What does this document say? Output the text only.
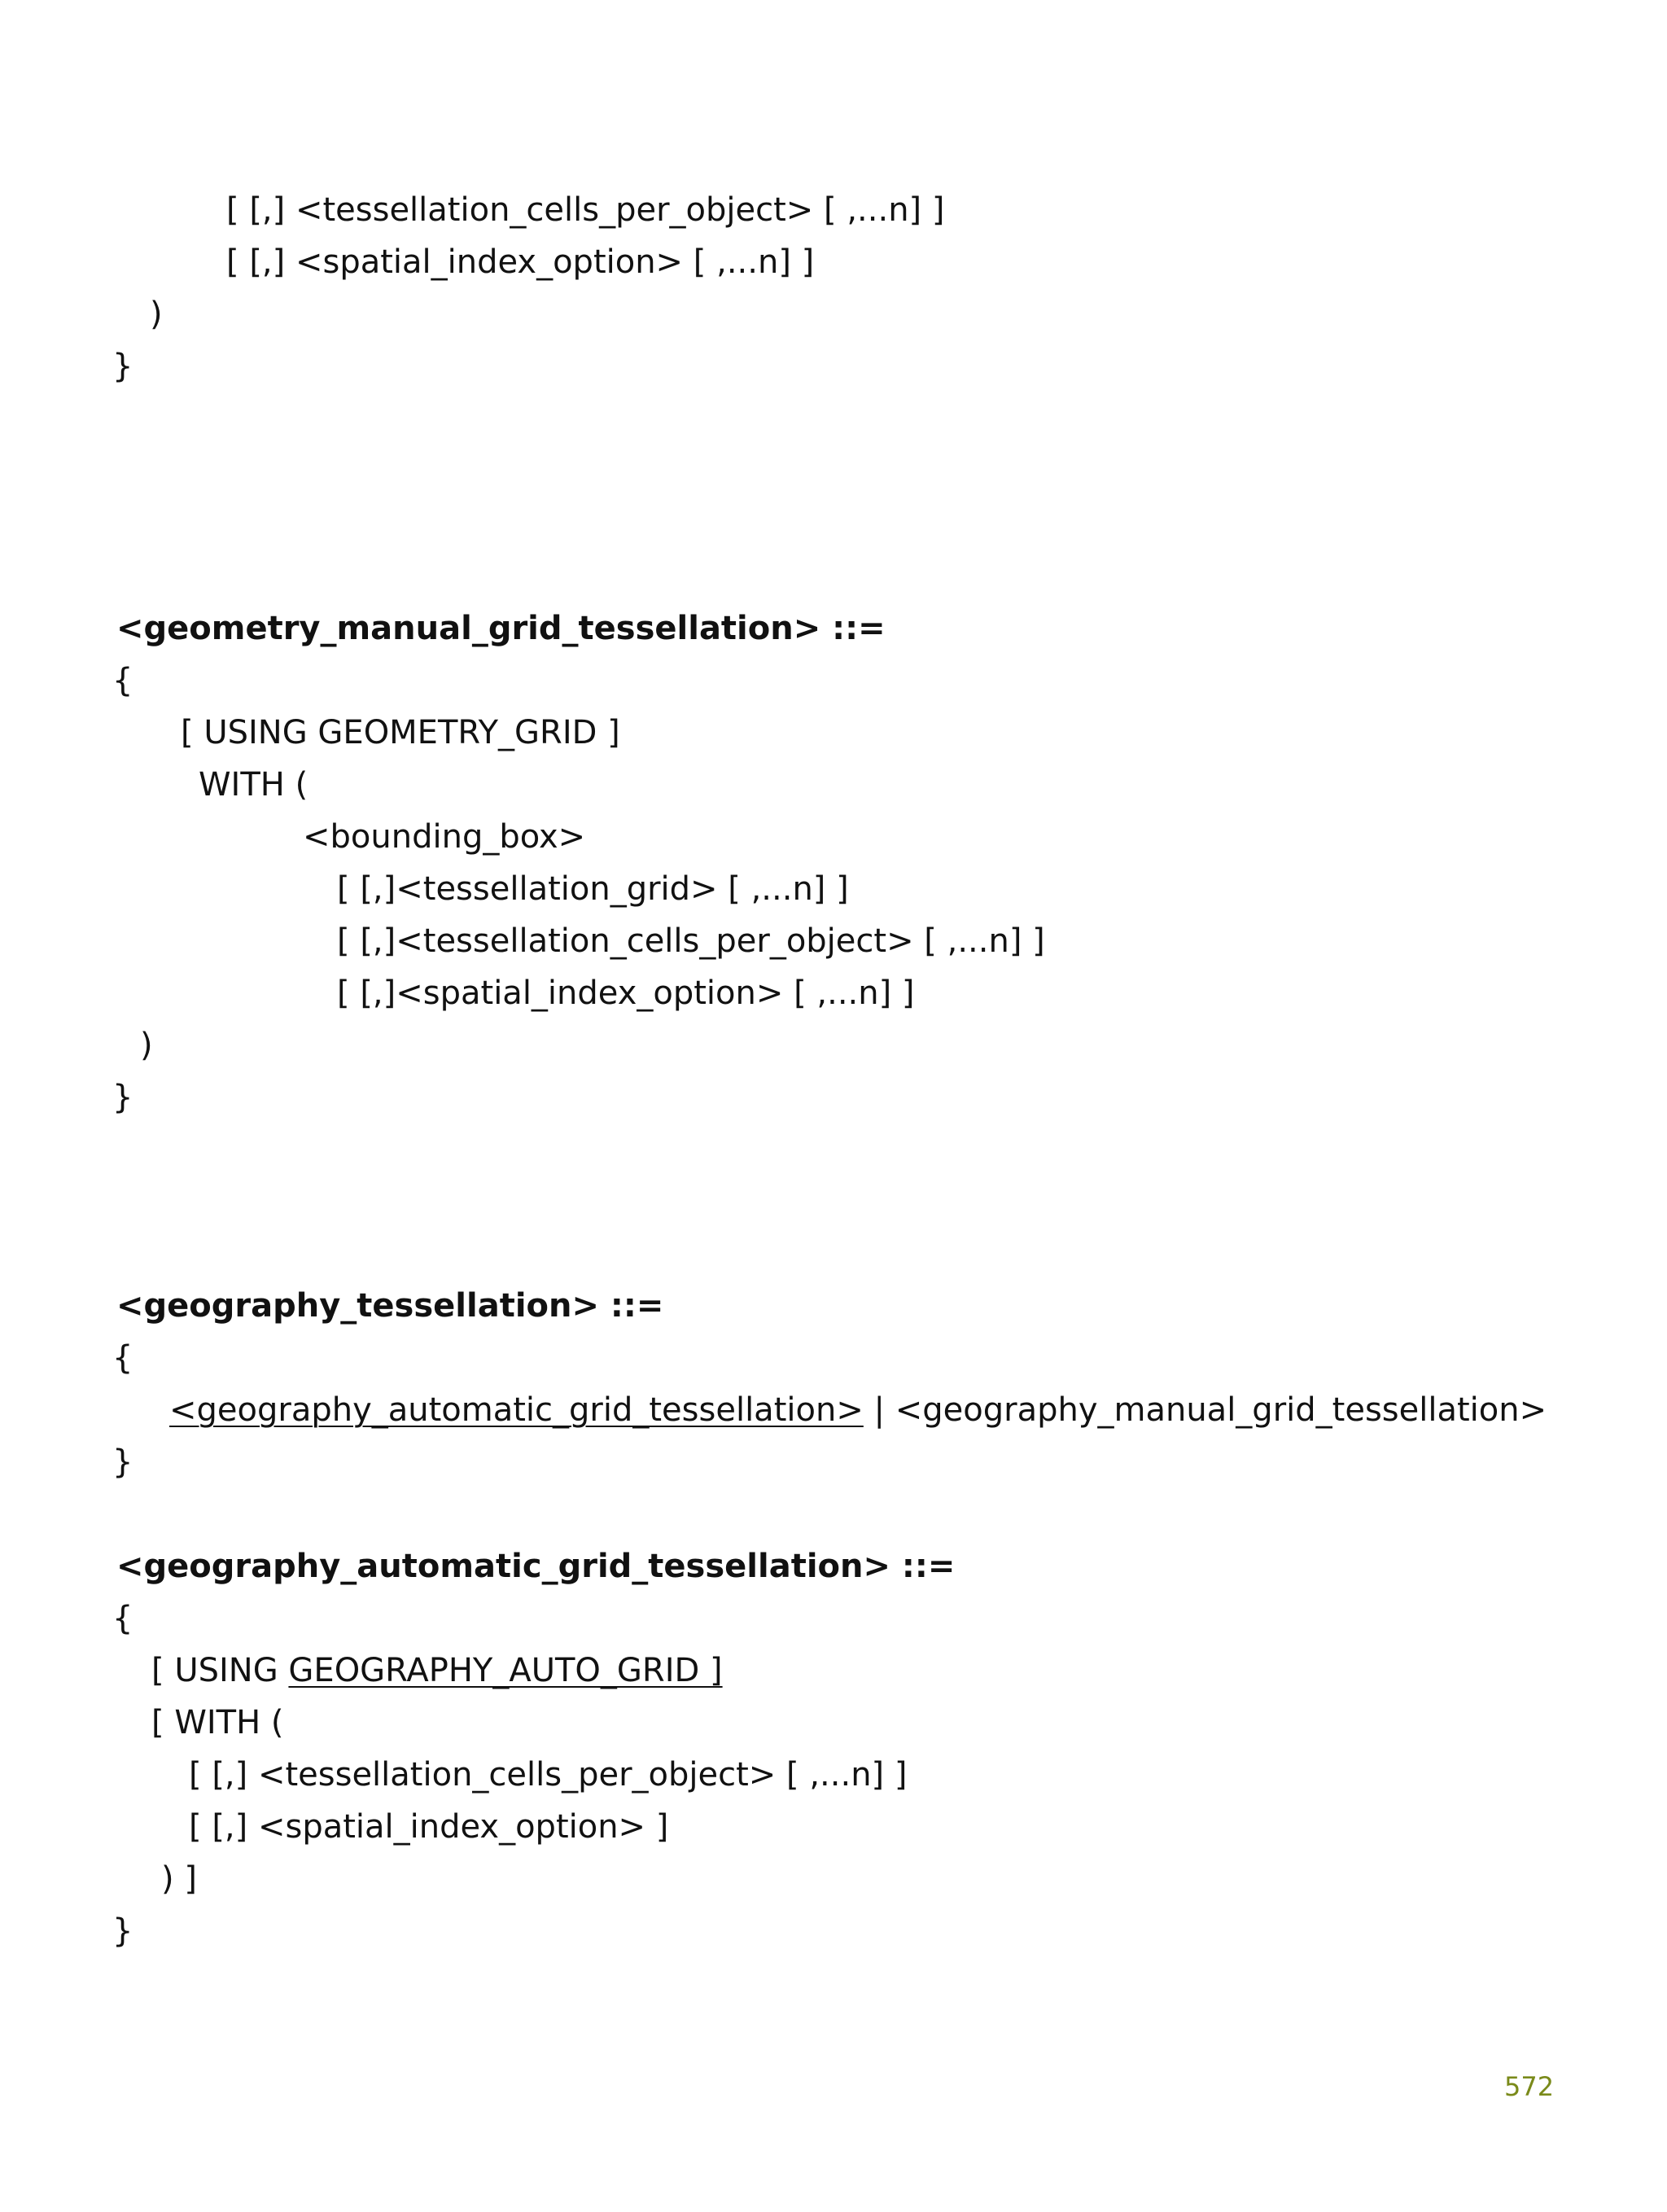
[ [,] <tessellation_cells_per_object> [ ,...n] ]
[ [,] <spatial_index_option> [ ,...n] ]
)
}
<geometry_manual_grid_tessellation> ::=
{
[ USING GEOMETRY_GRID ]
WITH (
<bounding_box>
[ [,]<tessellation_grid> [ ,...n] ]
[ [,]<tessellation_cells_per_object> [ ,...n] ]
[ [,]<spatial_index_option> [ ,...n] ]
)
}
<geography_tessellation> ::=
{
<geography_automatic_grid_tessellation> | <geography_manual_grid_tessellation>
}
<geography_automatic_grid_tessellation> ::=
{
[ USING GEOGRAPHY_AUTO_GRID ]
[ WITH (
[ [,] <tessellation_cells_per_object> [ ,...n] ]
[ [,] <spatial_index_option> ]
) ]
}
572
